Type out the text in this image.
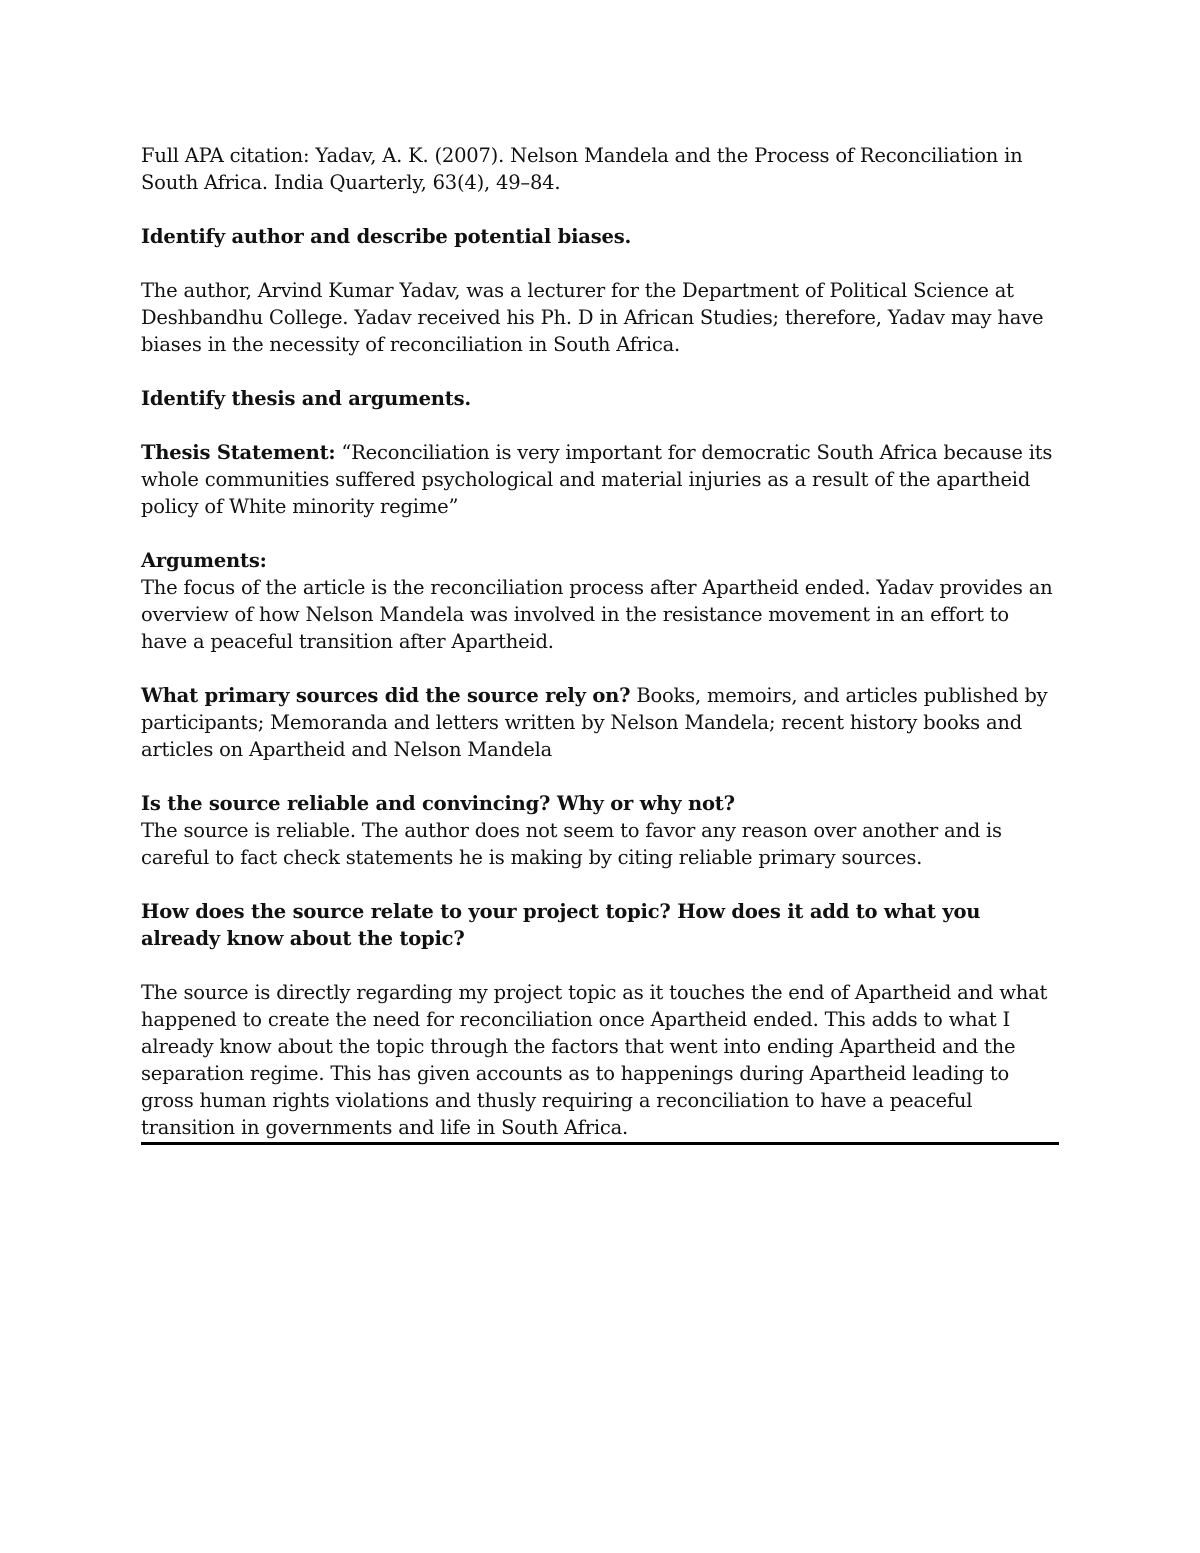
Full APA citation: Yadav, A. K. (2007). Nelson Mandela and the Process of Reconciliation in South Africa. India Quarterly, 63(4), 49–84.

Identify author and describe potential biases.

The author, Arvind Kumar Yadav, was a lecturer for the Department of Political Science at Deshbandhu College. Yadav received his Ph. D in African Studies; therefore, Yadav may have biases in the necessity of reconciliation in South Africa.

Identify thesis and arguments.

Thesis Statement: “Reconciliation is very important for democratic South Africa because its whole communities suffered psychological and material injuries as a result of the apartheid policy of White minority regime”

Arguments:

The focus of the article is the reconciliation process after Apartheid ended. Yadav provides an overview of how Nelson Mandela was involved in the resistance movement in an effort to have a peaceful transition after Apartheid.

What primary sources did the source rely on? Books, memoirs, and articles published by participants; Memoranda and letters written by Nelson Mandela; recent history books and articles on Apartheid and Nelson Mandela

Is the source reliable and convincing? Why or why not?

The source is reliable. The author does not seem to favor any reason over another and is careful to fact check statements he is making by citing reliable primary sources.

How does the source relate to your project topic? How does it add to what you already know about the topic?

The source is directly regarding my project topic as it touches the end of Apartheid and what happened to create the need for reconciliation once Apartheid ended. This adds to what I already know about the topic through the factors that went into ending Apartheid and the separation regime. This has given accounts as to happenings during Apartheid leading to gross human rights violations and thusly requiring a reconciliation to have a peaceful transition in governments and life in South Africa.
